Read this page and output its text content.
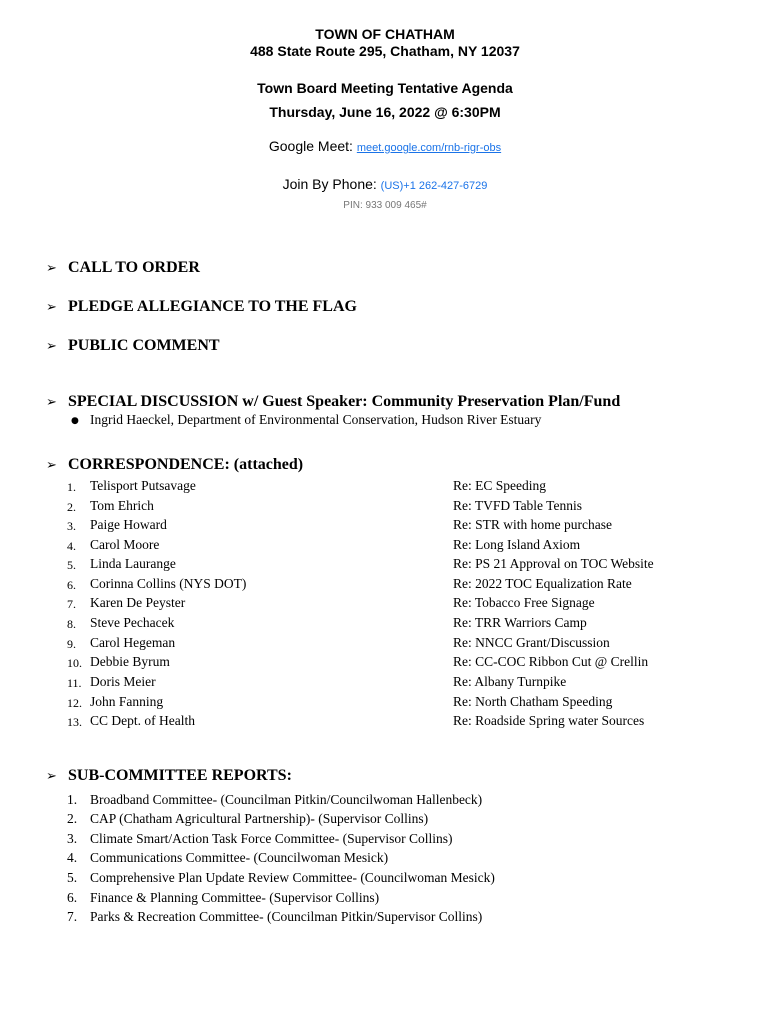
TOWN OF CHATHAM
488 State Route 295, Chatham, NY 12037
Town Board Meeting Tentative Agenda
Thursday, June 16, 2022 @ 6:30PM
Google Meet: meet.google.com/rnb-rigr-obs
Join By Phone: (US)+1 262-427-6729
PIN: 933 009 465#
➢ CALL TO ORDER
➢ PLEDGE ALLEGIANCE TO THE FLAG
➢ PUBLIC COMMENT
➢ SPECIAL DISCUSSION w/ Guest Speaker: Community Preservation Plan/Fund
● Ingrid Haeckel, Department of Environmental Conservation, Hudson River Estuary
➢ CORRESPONDENCE: (attached)
1. Telisport Putsavage	Re: EC Speeding
2. Tom Ehrich	Re: TVFD Table Tennis
3. Paige Howard	Re: STR with home purchase
4. Carol Moore	Re: Long Island Axiom
5. Linda Laurange	Re: PS 21 Approval on TOC Website
6. Corinna Collins (NYS DOT)	Re: 2022 TOC Equalization Rate
7. Karen De Peyster	Re: Tobacco Free Signage
8. Steve Pechacek	Re: TRR Warriors Camp
9. Carol Hegeman	Re: NNCC Grant/Discussion
10. Debbie Byrum	Re: CC-COC Ribbon Cut @ Crellin
11. Doris Meier	Re: Albany Turnpike
12. John Fanning	Re: North Chatham Speeding
13. CC Dept. of Health	Re: Roadside Spring water Sources
➢ SUB-COMMITTEE REPORTS:
1. Broadband Committee- (Councilman Pitkin/Councilwoman Hallenbeck)
2. CAP (Chatham Agricultural Partnership)- (Supervisor Collins)
3. Climate Smart/Action Task Force Committee- (Supervisor Collins)
4. Communications Committee- (Councilwoman Mesick)
5. Comprehensive Plan Update Review Committee- (Councilwoman Mesick)
6. Finance & Planning Committee- (Supervisor Collins)
7. Parks & Recreation Committee- (Councilman Pitkin/Supervisor Collins)
